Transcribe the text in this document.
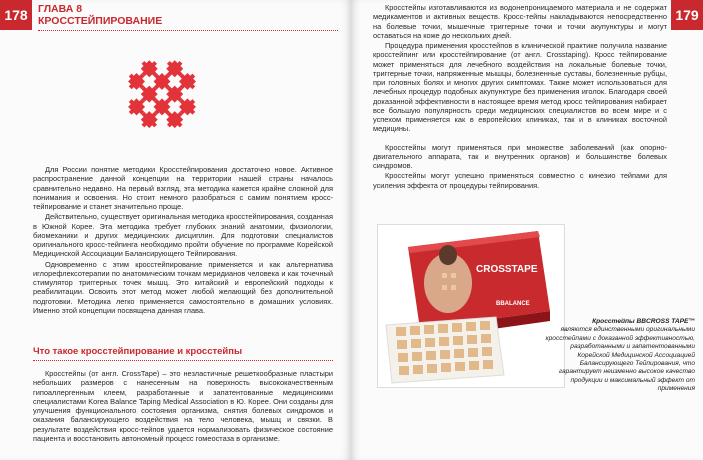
178 ГЛАВА 8
КРОССТЕЙПИРОВАНИЕ

Для России понятие методики Кросстейпирования достаточно новое. Активное распространение данной концепции на территории нашей страны началось сравнительно недавно. На первый взгляд, эта методика кажется крайне сложной для понимания и освоения. Но стоит немного разобраться с самим понятием кросс-тейпирование и станет значительно проще.

Действительно, существует оригинальная методика кросстейпирования, созданная в Южной Корее. Эта методика требует глубоких знаний анатомии, физиологии, биомеханики и других медицинских дисциплин. Для подготовки специалистов оригинального кросс-тейпинга необходимо пройти обучение по программе Корейской Медицинской Ассоциации Балансирующего Тейпирования.

Одновременно с этим кросстейпирование применяется и как альтернатива иглорефлексотерапии по анатомическим точкам меридианов человека и как точечный стимулятор триггерных точек мышц. Это китайский и европейский подходы к реабилитации. Освоить этот метод может любой желающий без дополнительной подготовки. Методика легко применяется самостоятельно в домашних условиях. Именно этой концепции посвящена данная глава.

Что такое кросстейпирование и кросстейпы

Кросстейпы (от англ. CrossTape) – это незластичные решеткообразные пластыри небольших размеров с нанесенным на поверхность высококачественным гипоаллергенным клеем, разработанные и запатентованные медицинскими специалистами Korea Balance Taping Medical Association в Ю. Корее. Они созданы для улучшения функционального состояния организма, снятия болевых синдромов и оказания балансирующего воздействия на тело человека, мышц и связки. В результате воздействия кросс-тейпов удается нормализовать физическое состояние пациента и восстановить автономный процесс гомеостаза в организме.

179

Кросстейпы изготавливаются из водонепроницаемого материала и не содержат медикаментов и активных веществ. Кросс-тейпы накладываются непосредственно на болевые точки, мышечные триггерные точки и точки акупунктуры и могут оставаться на коже до нескольких дней.

Процедура применения кросстейпов в клинической практике получила название кросстейпинг или кросстейпирование (от англ. Crosstaping). Кросс тейпирование может применяться для лечебного воздействия на локальные болевые точки, триггерные точки, напряженные мышцы, болезненные суставы, болезненные рубцы, при головных болях и многих других симптомах. Также может использоваться для лечебных процедур подобных акупунктуре без применения иголок. Благодаря своей доказанной эффективности в настоящее время метод кросс тейпирования набирает все большую популярность среди медицинских специалистов во всем мире и с успехом применяется как в европейских клиниках, так и в клиниках восточной медицины.

Кросстейпы могут применяться при множестве заболеваний (как опорно-двигательного аппарата, так и внутренних органов) и большинстве болевых синдромов.

Кросстейпы могут успешно применяться совместно с кинезио тейпами для усиления эффекта от процедуры тейпирования.

CROSSTAPE
BBALANCE
Кросстейпы BBCROSS TAPE™
являются единственными оригинальными кросстейпами с доказанной эффективностью, разработанными и запатентованными Корейской Медицинской Ассоциацией Балансирующего Тейпирования, что гарантирует неизменно высокое качество продукции и максимальный эффект от применения
